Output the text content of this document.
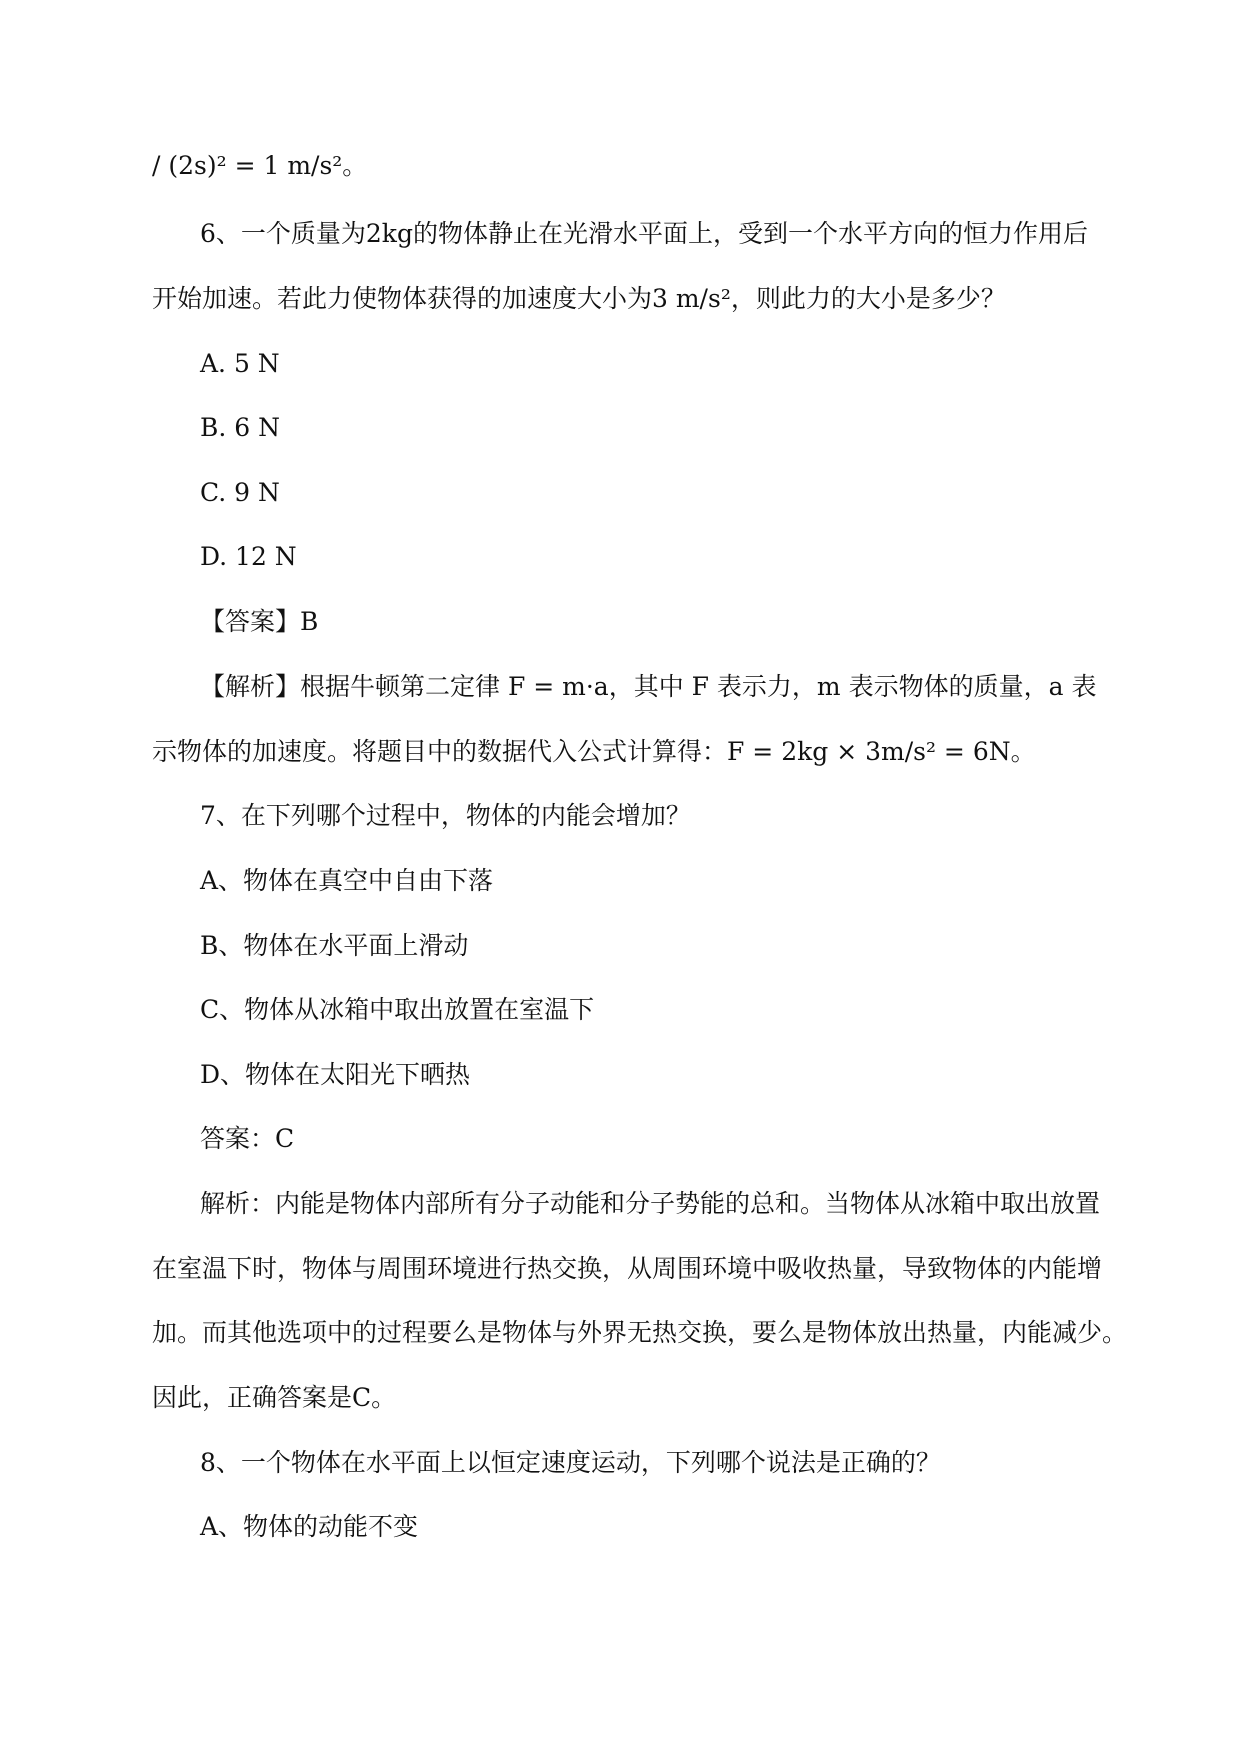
/ (2s)² = 1 m/s²。
6、一个质量为2kg的物体静止在光滑水平面上，受到一个水平方向的恒力作用后
开始加速。若此力使物体获得的加速度大小为3 m/s²，则此力的大小是多少？
A. 5 N
B. 6 N
C. 9 N
D. 12 N
【答案】B
【解析】根据牛顿第二定律 F = m·a，其中 F 表示力，m 表示物体的质量，a 表
示物体的加速度。将题目中的数据代入公式计算得：F = 2kg × 3m/s² = 6N。
7、在下列哪个过程中，物体的内能会增加？
A、物体在真空中自由下落
B、物体在水平面上滑动
C、物体从冰箱中取出放置在室温下
D、物体在太阳光下晒热
答案：C
解析：内能是物体内部所有分子动能和分子势能的总和。当物体从冰箱中取出放置
在室温下时，物体与周围环境进行热交换，从周围环境中吸收热量，导致物体的内能增
加。而其他选项中的过程要么是物体与外界无热交换，要么是物体放出热量，内能减少。
因此，正确答案是C。
8、一个物体在水平面上以恒定速度运动，下列哪个说法是正确的？
A、物体的动能不变
